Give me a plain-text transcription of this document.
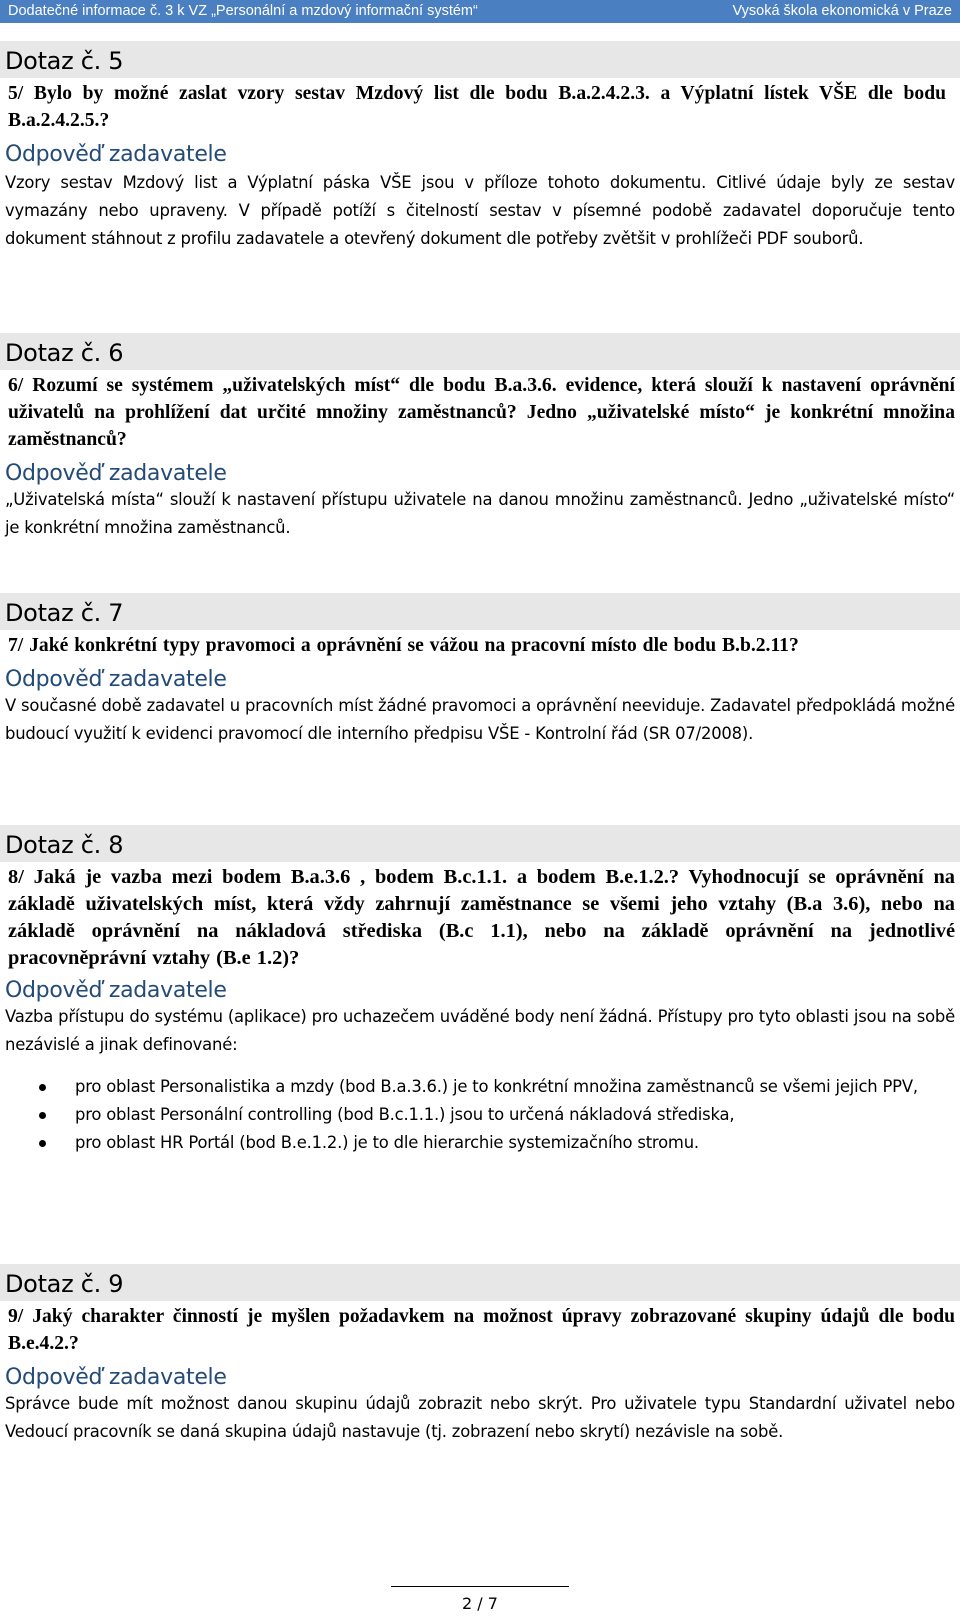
Dodatečné informace č. 3 k VZ „Personální a mzdový informační systém“	Vysoká škola ekonomická v Praze
Dotaz č. 5
5/ Bylo by možné zaslat vzory sestav Mzdový list dle bodu B.a.2.4.2.3. a Výplatní lístek VŠE dle bodu B.a.2.4.2.5.?
Odpověď zadavatele
Vzory sestav Mzdový list a Výplatní páska VŠE jsou v příloze tohoto dokumentu. Citlivé údaje byly ze sestav vymazány nebo upraveny. V případě potíží s čitelností sestav v písemné podobě zadavatel doporučuje tento dokument stáhnout z profilu zadavatele a otevřený dokument dle potřeby zvětšit v prohlížeči PDF souborů.
Dotaz č. 6
6/ Rozumí se systémem „uživatelských míst“ dle bodu B.a.3.6. evidence, která slouží k nastavení oprávnění uživatelů na prohlížení dat určité množiny zaměstnanců? Jedno „uživatelské místo“ je konkrétní množina zaměstnanců?
Odpověď zadavatele
„Uživatelská místa“ slouží k nastavení přístupu uživatele na danou množinu zaměstnanců. Jedno „uživatelské místo“ je konkrétní množina zaměstnanců.
Dotaz č. 7
7/ Jaké konkrétní typy pravomoci a oprávnění se vážou na pracovní místo dle bodu B.b.2.11?
Odpověď zadavatele
V současné době zadavatel u pracovních míst žádné pravomoci a oprávnění neeviduje. Zadavatel předpokládá možné budoucí využití k evidenci pravomocí dle interního předpisu VŠE - Kontrolní řád (SR 07/2008).
Dotaz č. 8
8/ Jaká je vazba mezi bodem B.a.3.6 , bodem B.c.1.1. a bodem B.e.1.2.? Vyhodnocují se oprávnění na základě uživatelských míst, která vždy zahrnují zaměstnance se všemi jeho vztahy (B.a 3.6), nebo na základě oprávnění na nákladová střediska (B.c 1.1), nebo na základě oprávnění na jednotlivé pracovněprávní vztahy (B.e 1.2)?
Odpověď zadavatele
Vazba přístupu do systému (aplikace) pro uchazečem uváděné body není žádná. Přístupy pro tyto oblasti jsou na sobě nezávislé a jinak definované:
pro oblast Personalistika a mzdy (bod B.a.3.6.) je to konkrétní množina zaměstnanců se všemi jejich PPV,
pro oblast Personální controlling (bod B.c.1.1.) jsou to určená nákladová střediska,
pro oblast HR Portál (bod B.e.1.2.) je to dle hierarchie systemizačního stromu.
Dotaz č. 9
9/ Jaký charakter činností je myšlen požadavkem na možnost úpravy zobrazované skupiny údajů dle bodu B.e.4.2.?
Odpověď zadavatele
Správce bude mít možnost danou skupinu údajů zobrazit nebo skrýt. Pro uživatele typu Standardní uživatel nebo Vedoucí pracovník se daná skupina údajů nastavuje (tj. zobrazení nebo skrytí) nezávisle na sobě.
2 / 7
